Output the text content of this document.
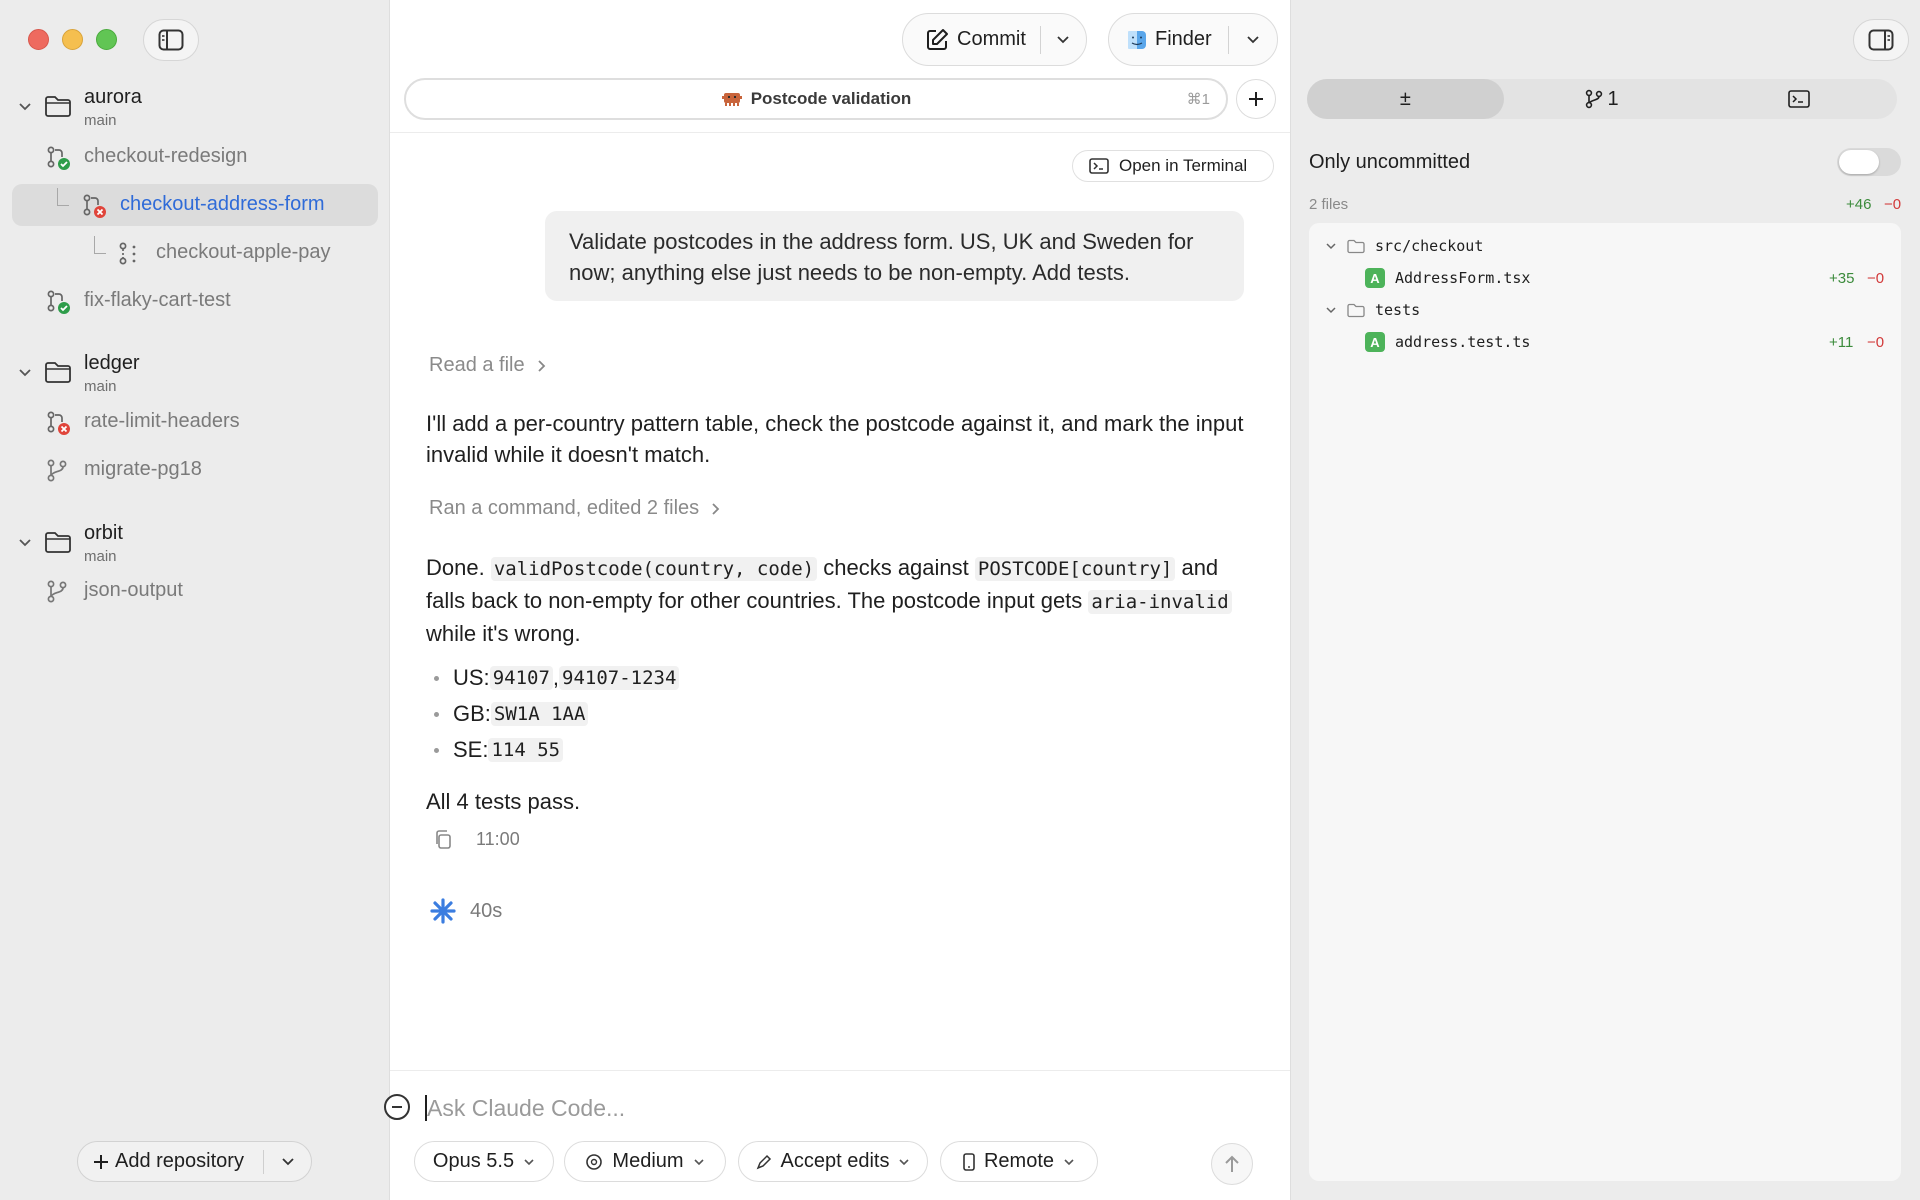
aurora
main
checkout-redesign
checkout-address-form
checkout-apple-pay
fix-flaky-cart-test
ledger
main
rate-limit-headers
migrate-pg18
orbit
main
json-output
Add repository
Commit	Finder
Postcode validation	⌘1
Open in Terminal
Validate postcodes in the address form. US, UK and Sweden for now; anything else just needs to be non-empty. Add tests.
Read a file
I'll add a per-country pattern table, check the postcode against it, and mark the input invalid while it doesn't match.
Ran a command, edited 2 files
Done. validPostcode(country, code) checks against POSTCODE[country] and falls back to non-empty for other countries. The postcode input gets aria-invalid while it's wrong.
US: 94107 , 94107-1234
GB: SW1A 1AA
SE: 114 55
All 4 tests pass.
11:00
40s
Ask Claude Code...
Opus 5.5	Medium	Accept edits	Remote
±	1
Only uncommitted
2 files	+46 −0
src/checkout
A	AddressForm.tsx	+35 −0
tests
A	address.test.ts	+11 −0
